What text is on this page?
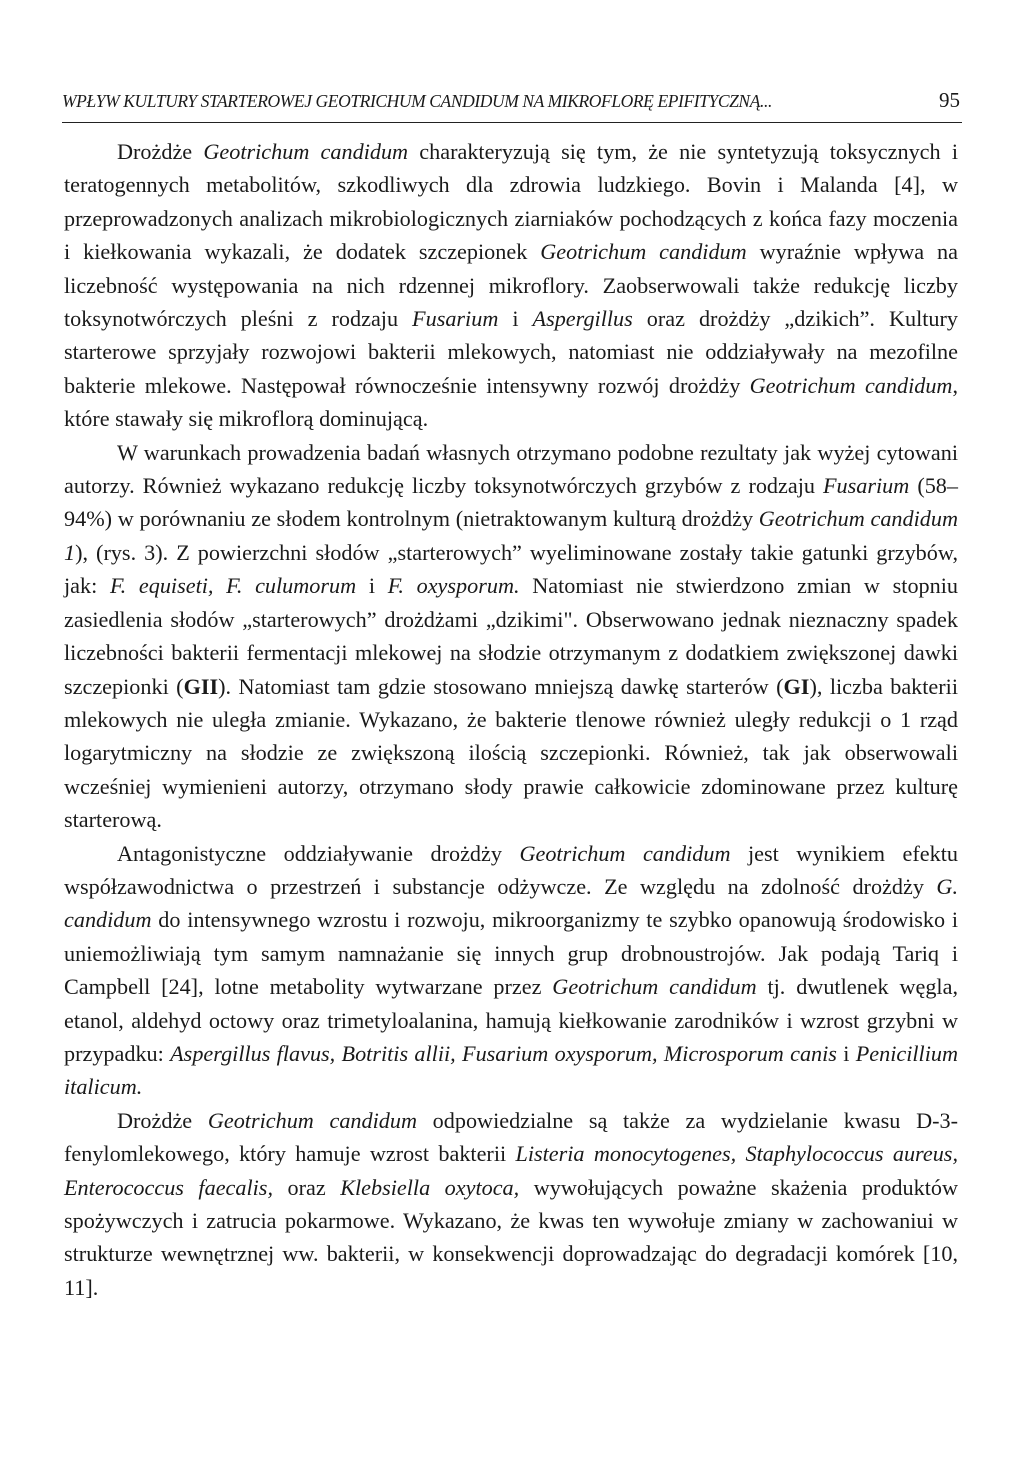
WPŁYW KULTURY STARTEROWEJ GEOTRICHUM CANDIDUM NA MIKROFLORĘ EPIFITYCZNĄ...	95

Drożdże Geotrichum candidum charakteryzują się tym, że nie syntetyzują toksycznych i teratogennych metabolitów, szkodliwych dla zdrowia ludzkiego. Bovin i Malanda [4], w przeprowadzonych analizach mikrobiologicznych ziarniaków pochodzących z końca fazy moczenia i kiełkowania wykazali, że dodatek szczepionek Geotrichum candidum wyraźnie wpływa na liczebność występowania na nich rdzennej mikroflory. Zaobserwowali także redukcję liczby toksynotwórczych pleśni z rodzaju Fusarium i Aspergillus oraz drożdży „dzikich”. Kultury starterowe sprzyjały rozwojowi bakterii mlekowych, natomiast nie oddziaływały na mezofilne bakterie mlekowe. Następował równocześnie intensywny rozwój drożdży Geotrichum candidum, które stawały się mikroflorą dominującą.

W warunkach prowadzenia badań własnych otrzymano podobne rezultaty jak wyżej cytowani autorzy. Również wykazano redukcję liczby toksynotwórczych grzybów z rodzaju Fusarium (58–94%) w porównaniu ze słodem kontrolnym (nietraktowanym kulturą drożdży Geotrichum candidum 1), (rys. 3). Z powierzchni słodów „starterowych” wyeliminowane zostały takie gatunki grzybów, jak: F. equiseti, F. culumorum i F. oxysporum. Natomiast nie stwierdzono zmian w stopniu zasiedlenia słodów „starterowych” drożdżami „dzikimi". Obserwowano jednak nieznaczny spadek liczebności bakterii fermentacji mlekowej na słodzie otrzymanym z dodatkiem zwiększonej dawki szczepionki (GII). Natomiast tam gdzie stosowano mniejszą dawkę starterów (GI), liczba bakterii mlekowych nie uległa zmianie. Wykazano, że bakterie tlenowe również uległy redukcji o 1 rząd logarytmiczny na słodzie ze zwiększoną ilością szczepionki. Również, tak jak obserwowali wcześniej wymienieni autorzy, otrzymano słody prawie całkowicie zdominowane przez kulturę starterową.

Antagonistyczne oddziaływanie drożdży Geotrichum candidum jest wynikiem efektu współzawodnictwa o przestrzeń i substancje odżywcze. Ze względu na zdolność drożdży G. candidum do intensywnego wzrostu i rozwoju, mikroorganizmy te szybko opanowują środowisko i uniemożliwiają tym samym namnażanie się innych grup drobnoustrojów. Jak podają Tariq i Campbell [24], lotne metabolity wytwarzane przez Geotrichum candidum tj. dwutlenek węgla, etanol, aldehyd octowy oraz trimetyloalanina, hamują kiełkowanie zarodników i wzrost grzybni w przypadku: Aspergillus flavus, Botritis allii, Fusarium oxysporum, Microsporum canis i Penicillium italicum.

Drożdże Geotrichum candidum odpowiedzialne są także za wydzielanie kwasu D-3-fenylomlekowego, który hamuje wzrost bakterii Listeria monocytogenes, Staphylococcus aureus, Enterococcus faecalis, oraz Klebsiella oxytoca, wywołujących poważne skażenia produktów spożywczych i zatrucia pokarmowe. Wykazano, że kwas ten wywołuje zmiany w zachowaniui w strukturze wewnętrznej ww. bakterii, w konsekwencji doprowadzając do degradacji komórek [10, 11].
